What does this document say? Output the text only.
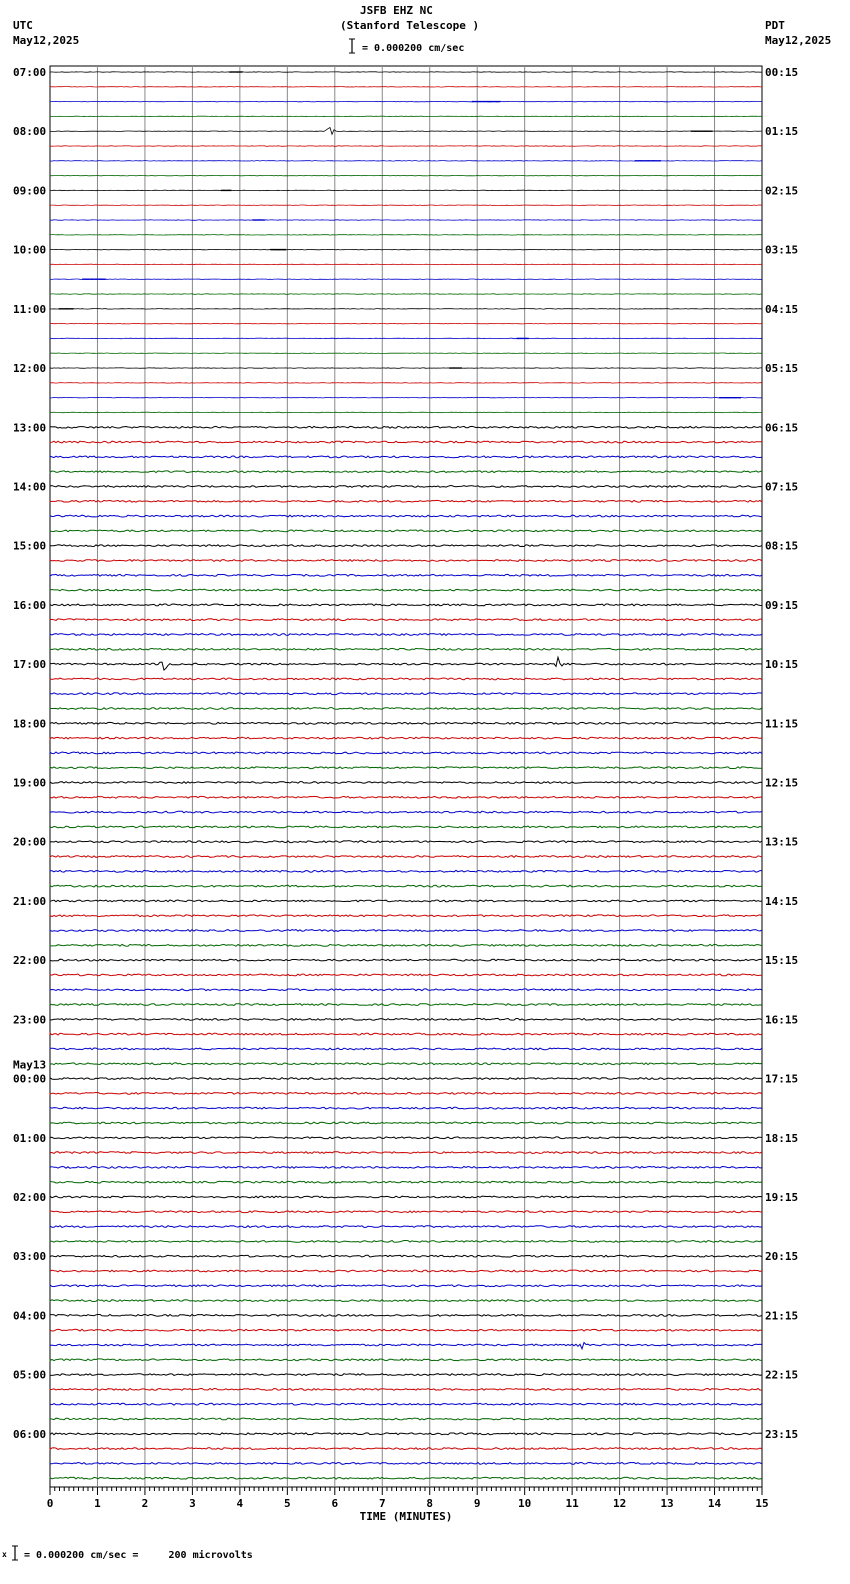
JSFB EHZ NC
(Stanford Telescope )
= 0.000200 cm/sec
UTC
May12,2025
PDT
May12,2025
0	1	2	3	4	5	6	7	8	9	10	11	12	13	14	15
TIME (MINUTES)
07:00
08:00
09:00
10:00
11:00
12:00
13:00
14:00
15:00
16:00
17:00
18:00
19:00
20:00
21:00
22:00
23:00
00:00
01:00
02:00
03:00
04:00
05:00
06:00
00:15
01:15
02:15
03:15
04:15
05:15
06:15
07:15
08:15
09:15
10:15
11:15
12:15
13:15
14:15
15:15
16:15
17:15
18:15
19:15
20:15
21:15
22:15
23:15
May13
x = 0.000200 cm/sec =     200 microvolts
